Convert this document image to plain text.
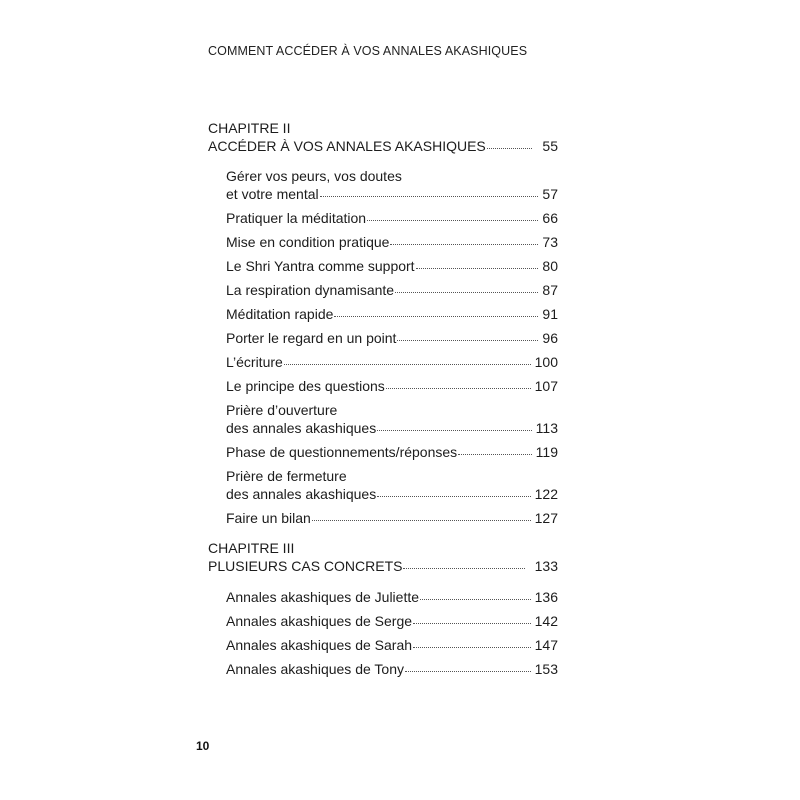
COMMENT ACCÉDER À VOS ANNALES AKASHIQUES
CHAPITRE II
ACCÉDER À VOS ANNALES AKASHIQUES	55
Gérer vos peurs, vos doutes
et votre mental	57
Pratiquer la méditation	66
Mise en condition pratique	73
Le Shri Yantra comme support	80
La respiration dynamisante	87
Méditation rapide	91
Porter le regard en un point	96
L’écriture	100
Le principe des questions	107
Prière d’ouverture
des annales akashiques	113
Phase de questionnements/réponses	119
Prière de fermeture
des annales akashiques	122
Faire un bilan	127
CHAPITRE III
PLUSIEURS CAS CONCRETS	133
Annales akashiques de Juliette	136
Annales akashiques de Serge	142
Annales akashiques de Sarah	147
Annales akashiques de Tony	153
10
